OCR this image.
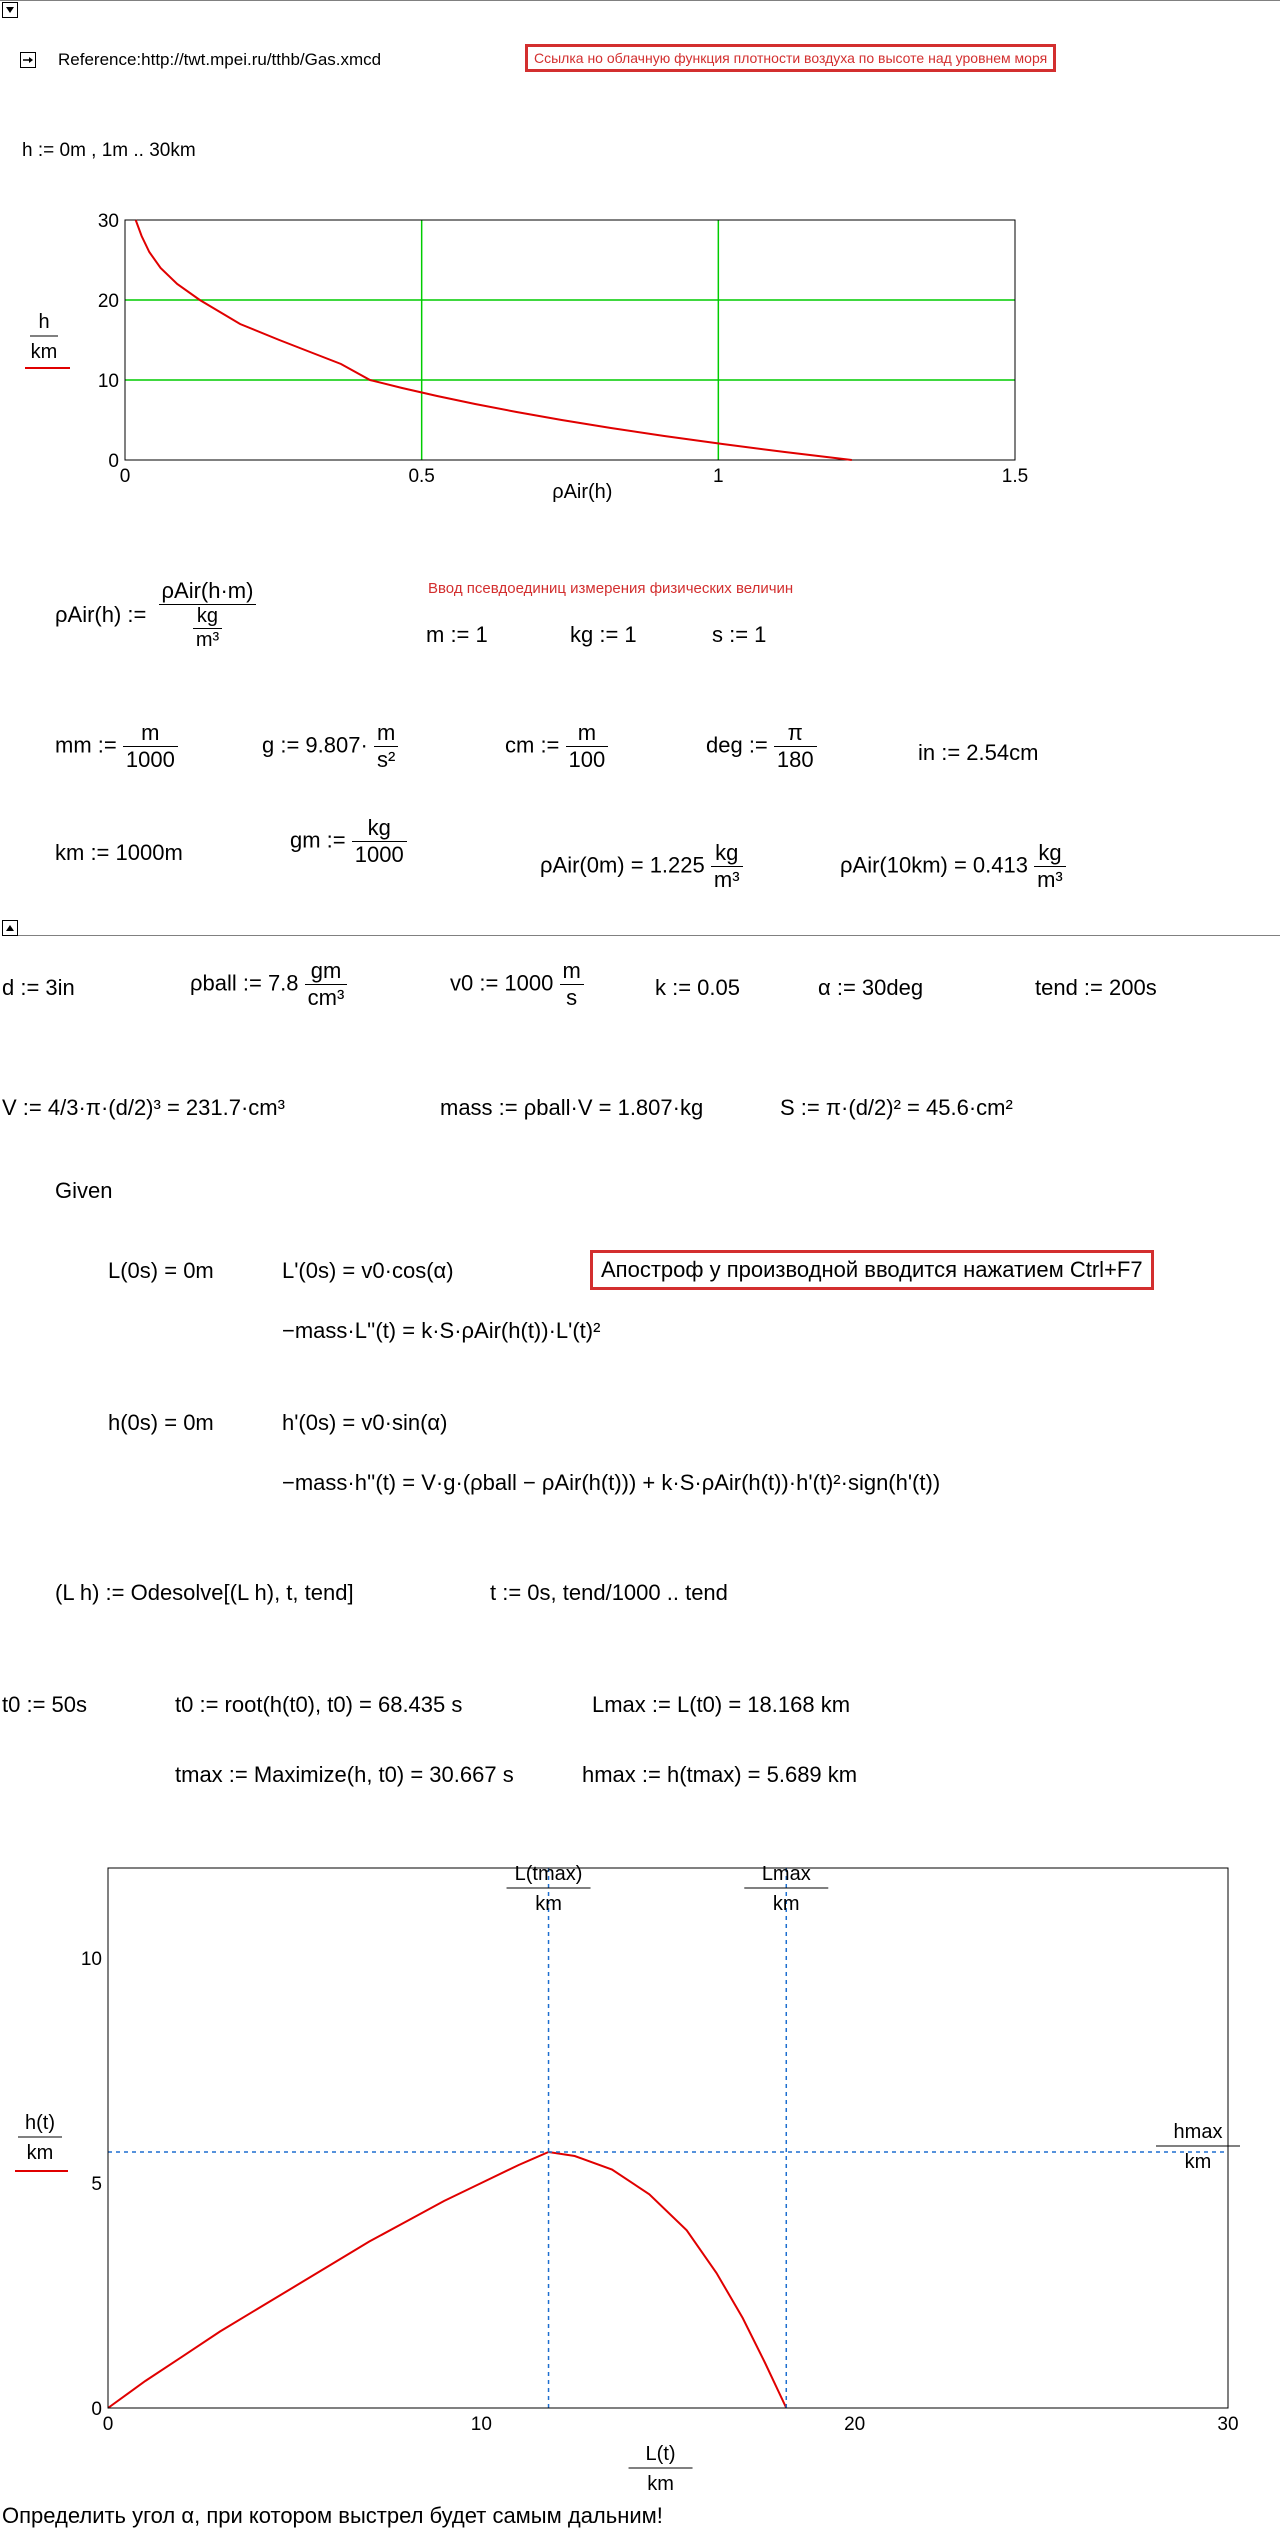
Reference:http://twt.mpei.ru/tthb/Gas.xmcd	Ссылка но облачную функция плотности воздуха по высоте над уровнем моря
h := 0m , 1m .. 30km
0	0.5	1	1.5
0
10
20
30
ρAir(h)
h
km
ρAir(h) := $\frac{\text{ρAir(h·m)}}{\frac{kg}{\text{m³}}}$	Ввод псевдоединиц измерения физических величин
m := 1	kg := 1	s := 1
mm := $\frac{m}{1000}$	g := $9.807\cdot \frac{m}{\text{s²}}$	cm := $\frac{m}{100}$	deg := $\frac{\pi}{180}$	in := 2.54cm
km := 1000m
gm := $\frac{kg}{1000}$	$\rho Air(0m) = 1.225 \frac{kg}{\text{m³}}$	$\rho Air(10km) = 0.413 \frac{kg}{\text{m³}}$
d := 3in	ρball := $7.8 \frac{gm}{\text{cm³}}$	v0 := $1000 \frac{m}{s}$	k := 0.05	α := 30deg	tend := 200s
V := 4/3·π·(d/2)³ = 231.7·cm³	mass := ρball·V = 1.807·kg	S := π·(d/2)² = 45.6·cm²
Given
L(0s) = 0m	L'(0s) = v0·cos(α)	Апостроф у производной вводится нажатием Ctrl+F7
−mass·L''(t) = k·S·ρAir(h(t))·L'(t)²
h(0s) = 0m	h'(0s) = v0·sin(α)
−mass·h''(t) = V·g·(ρball − ρAir(h(t))) + k·S·ρAir(h(t))·h'(t)²·sign(h'(t))
(L h) := Odesolve[(L h), t, tend]	t := 0s, tend/1000 .. tend
t0 := 50s	t0 := root(h(t0), t0) = 68.435 s	Lmax := L(t0) = 18.168 km
tmax := Maximize(h, t0) = 30.667 s	hmax := h(tmax) = 5.689 km
0	10	20	30
0
5
10
L(tmax)
km
Lmax
km
hmax
km
h(t)
km
L(t)
km
Определить угол α, при котором выстрел будет самым дальним!
